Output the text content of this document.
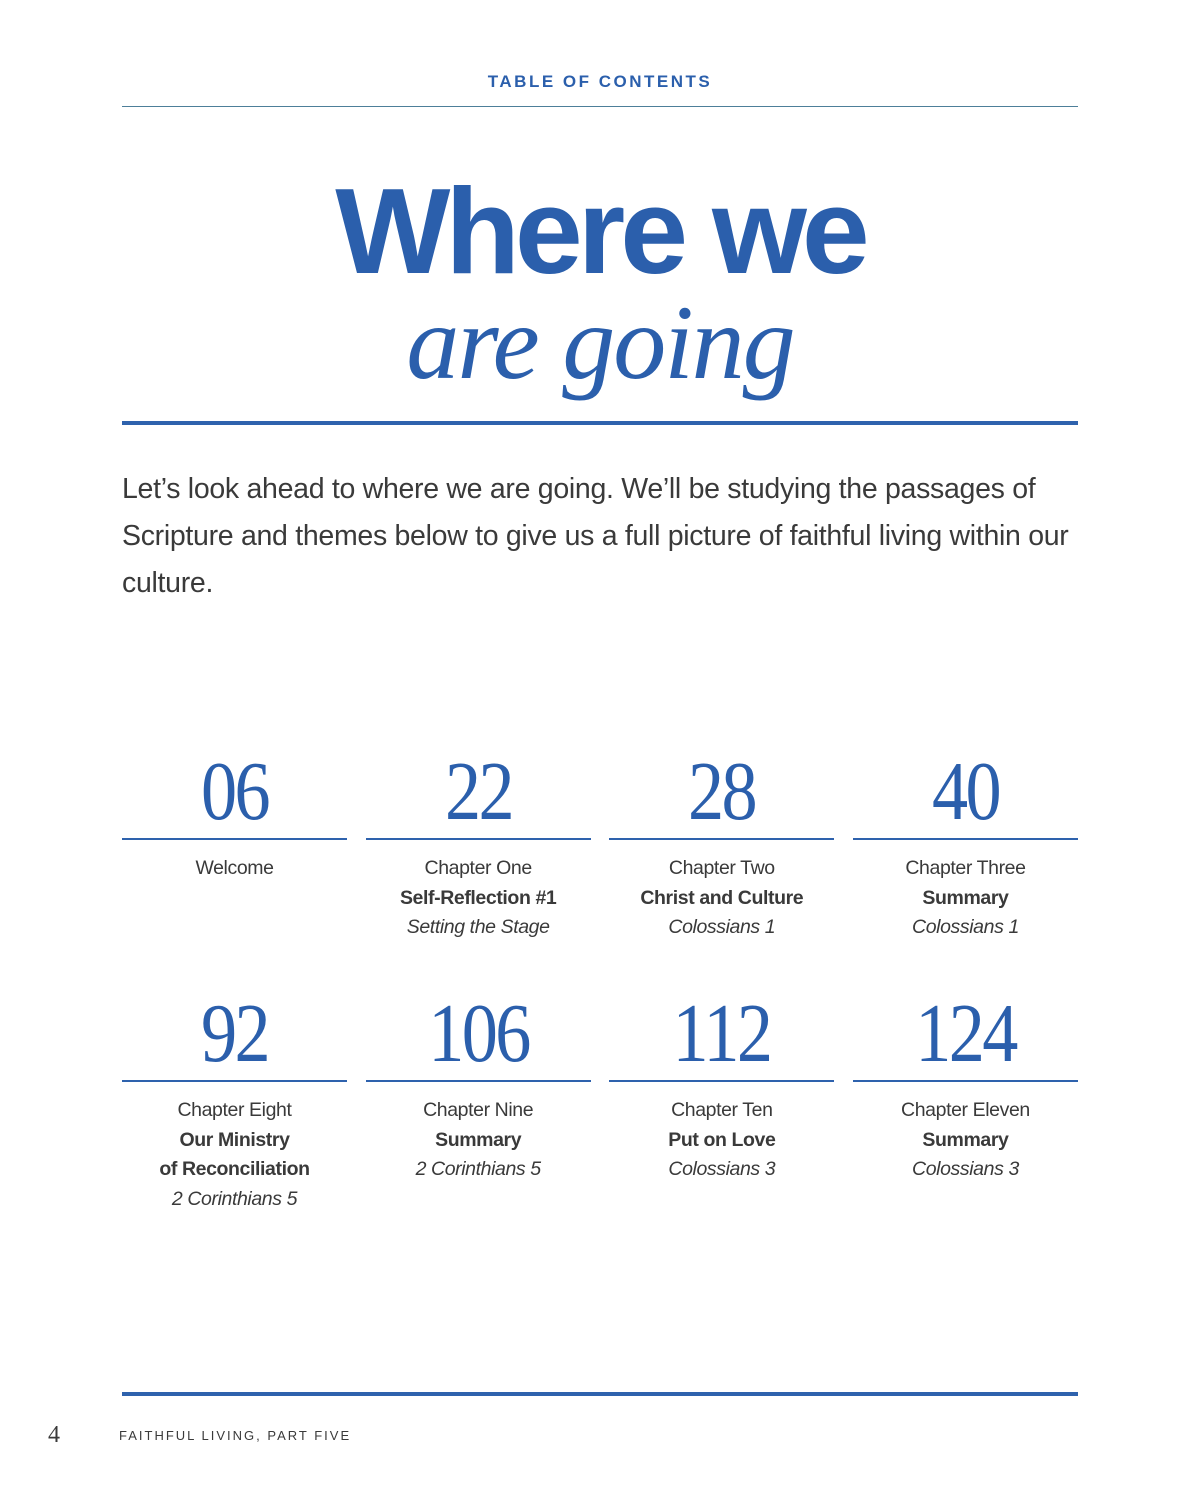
TABLE OF CONTENTS
Where we
are going
Let’s look ahead to where we are going. We’ll be studying the passages of Scripture and themes below to give us a full picture of faithful living within our culture.
06
Welcome
22
Chapter One
Self-Reflection #1
Setting the Stage
28
Chapter Two
Christ and Culture
Colossians 1
40
Chapter Three
Summary
Colossians 1
92
Chapter Eight
Our Ministry
of Reconciliation
2 Corinthians 5
106
Chapter Nine
Summary
2 Corinthians 5
112
Chapter Ten
Put on Love
Colossians 3
124
Chapter Eleven
Summary
Colossians 3
4	FAITHFUL LIVING, PART FIVE
